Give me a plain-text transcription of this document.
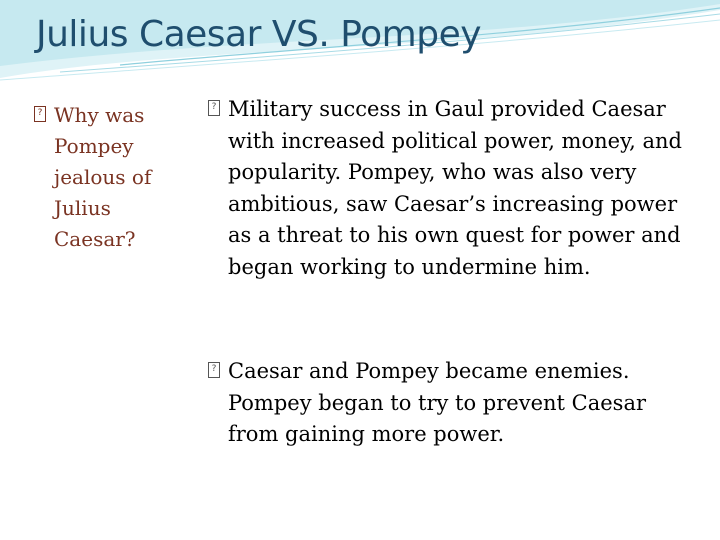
Julius Caesar VS. Pompey
? Why was Pompey jealous of Julius Caesar?
? Military success in Gaul provided Caesar with increased political power, money, and popularity. Pompey, who was also very ambitious, saw Caesar’s increasing power as a threat to his own quest for power and began working to undermine him.
? Caesar and Pompey became enemies. Pompey began to try to prevent Caesar from gaining more power.
